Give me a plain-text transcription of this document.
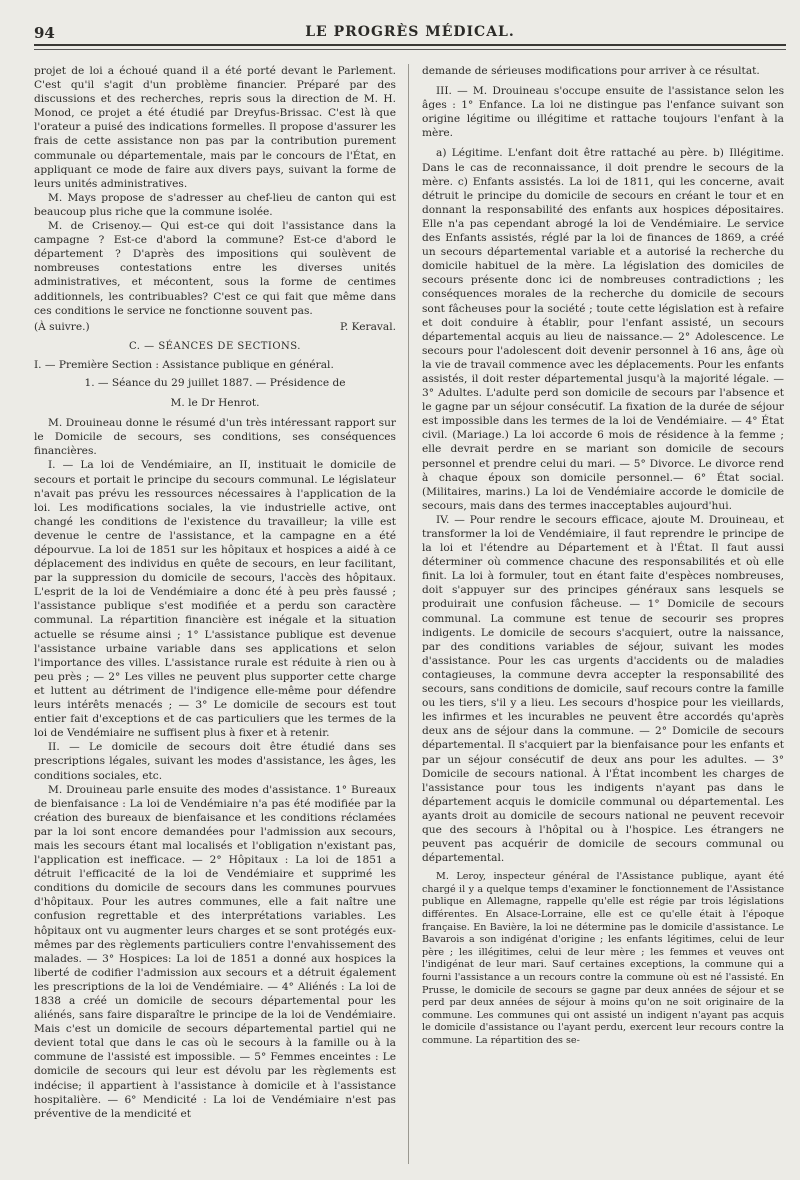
94	LE PROGRÈS MÉDICAL.

projet de loi a échoué quand il a été porté devant le Parlement. C'est qu'il s'agit d'un problème financier. Préparé par des discussions et des recherches, repris sous la direction de M. H. Monod, ce projet a été étudié par Dreyfus-Brissac. C'est là que l'orateur a puisé des indications formelles. Il propose d'assurer les frais de cette assistance non pas par la contribution purement communale ou départementale, mais par le concours de l'État, en appliquant ce mode de faire aux divers pays, suivant la forme de leurs unités administratives.

M. Mays propose de s'adresser au chef-lieu de canton qui est beaucoup plus riche que la commune isolée.

M. de Crisenoy.— Qui est-ce qui doit l'assistance dans la campagne ? Est-ce d'abord la commune? Est-ce d'abord le département ? D'après des impositions qui soulèvent de nombreuses contestations entre les diverses unités administratives, et mécontent, sous la forme de centimes additionnels, les contribuables? C'est ce qui fait que même dans ces conditions le service ne fonctionne souvent pas.

(À suivre.)	P. Keraval.

C. — SÉANCES DE SECTIONS.

I. — Première Section : Assistance publique en général.

1. — Séance du 29 juillet 1887. — Présidence de

M. le Dr Henrot.

M. Drouineau donne le résumé d'un très intéressant rapport sur le Domicile de secours, ses conditions, ses conséquences financières.

I. — La loi de Vendémiaire, an II, instituait le domicile de secours et portait le principe du secours communal. Le législateur n'avait pas prévu les ressources nécessaires à l'application de la loi. Les modifications sociales, la vie industrielle active, ont changé les conditions de l'existence du travailleur; la ville est devenue le centre de l'assistance, et la campagne en a été dépourvue. La loi de 1851 sur les hôpitaux et hospices a aidé à ce déplacement des individus en quête de secours, en leur facilitant, par la suppression du domicile de secours, l'accès des hôpitaux. L'esprit de la loi de Vendémiaire a donc été à peu près faussé ; l'assistance publique s'est modifiée et a perdu son caractère communal. La répartition financière est inégale et la situation actuelle se résume ainsi ; 1° L'assistance publique est devenue l'assistance urbaine variable dans ses applications et selon l'importance des villes. L'assistance rurale est réduite à rien ou à peu près ; — 2° Les villes ne peuvent plus supporter cette charge et luttent au détriment de l'indigence elle-même pour défendre leurs intérêts menacés ; — 3° Le domicile de secours est tout entier fait d'exceptions et de cas particuliers que les termes de la loi de Vendémiaire ne suffisent plus à fixer et à retenir.

II. — Le domicile de secours doit être étudié dans ses prescriptions légales, suivant les modes d'assistance, les âges, les conditions sociales, etc.

M. Drouineau parle ensuite des modes d'assistance. 1° Bureaux de bienfaisance : La loi de Vendémiaire n'a pas été modifiée par la création des bureaux de bienfaisance et les conditions réclamées par la loi sont encore demandées pour l'admission aux secours, mais les secours étant mal localisés et l'obligation n'existant pas, l'application est inefficace. — 2° Hôpitaux : La loi de 1851 a détruit l'efficacité de la loi de Vendémiaire et supprimé les conditions du domicile de secours dans les communes pourvues d'hôpitaux. Pour les autres communes, elle a fait naître une confusion regrettable et des interprétations variables. Les hôpitaux ont vu augmenter leurs charges et se sont protégés eux-mêmes par des règlements particuliers contre l'envahissement des malades. — 3° Hospices: La loi de 1851 a donné aux hospices la liberté de codifier l'admission aux secours et a détruit également les prescriptions de la loi de Vendémiaire. — 4° Aliénés : La loi de 1838 a créé un domicile de secours départemental pour les aliénés, sans faire disparaître le principe de la loi de Vendémiaire. Mais c'est un domicile de secours départemental partiel qui ne devient total que dans le cas où le secours à la famille ou à la commune de l'assisté est impossible. — 5° Femmes enceintes : Le domicile de secours qui leur est dévolu par les règlements est indécise; il appartient à l'assistance à domicile et à l'assistance hospitalière. — 6° Mendicité : La loi de Vendémiaire n'est pas préventive de la mendicité et

demande de sérieuses modifications pour arriver à ce résultat.

III. — M. Drouineau s'occupe ensuite de l'assistance selon les âges : 1° Enfance. La loi ne distingue pas l'enfance suivant son origine légitime ou illégitime et rattache toujours l'enfant à la mère.

a) Légitime. L'enfant doit être rattaché au père. b) Illégitime. Dans le cas de reconnaissance, il doit prendre le secours de la mère. c) Enfants assistés. La loi de 1811, qui les concerne, avait détruit le principe du domicile de secours en créant le tour et en donnant la responsabilité des enfants aux hospices dépositaires. Elle n'a pas cependant abrogé la loi de Vendémiaire. Le service des Enfants assistés, réglé par la loi de finances de 1869, a créé un secours départemental variable et a autorisé la recherche du domicile habituel de la mère. La législation des domiciles de secours présente donc ici de nombreuses contradictions ; les conséquences morales de la recherche du domicile de secours sont fâcheuses pour la société ; toute cette législation est à refaire et doit conduire à établir, pour l'enfant assisté, un secours départemental acquis au lieu de naissance.— 2° Adolescence. Le secours pour l'adolescent doit devenir personnel à 16 ans, âge où la vie de travail commence avec les déplacements. Pour les enfants assistés, il doit rester départemental jusqu'à la majorité légale. — 3° Adultes. L'adulte perd son domicile de secours par l'absence et le gagne par un séjour consécutif. La fixation de la durée de séjour est impossible dans les termes de la loi de Vendémiaire. — 4° État civil. (Mariage.) La loi accorde 6 mois de résidence à la femme ; elle devrait perdre en se mariant son domicile de secours personnel et prendre celui du mari. — 5° Divorce. Le divorce rend à chaque époux son domicile personnel.— 6° État social. (Militaires, marins.) La loi de Vendémiaire accorde le domicile de secours, mais dans des termes inacceptables aujourd'hui.

IV. — Pour rendre le secours efficace, ajoute M. Drouineau, et transformer la loi de Vendémiaire, il faut reprendre le principe de la loi et l'étendre au Département et à l'État. Il faut aussi déterminer où commence chacune des responsabilités et où elle finit. La loi à formuler, tout en étant faite d'espèces nombreuses, doit s'appuyer sur des principes généraux sans lesquels se produirait une confusion fâcheuse. — 1° Domicile de secours communal. La commune est tenue de secourir ses propres indigents. Le domicile de secours s'acquiert, outre la naissance, par des conditions variables de séjour, suivant les modes d'assistance. Pour les cas urgents d'accidents ou de maladies contagieuses, la commune devra accepter la responsabilité des secours, sans conditions de domicile, sauf recours contre la famille ou les tiers, s'il y a lieu. Les secours d'hospice pour les vieillards, les infirmes et les incurables ne peuvent être accordés qu'après deux ans de séjour dans la commune. — 2° Domicile de secours départemental. Il s'acquiert par la bienfaisance pour les enfants et par un séjour consécutif de deux ans pour les adultes. — 3° Domicile de secours national. À l'État incombent les charges de l'assistance pour tous les indigents n'ayant pas dans le département acquis le domicile communal ou départemental. Les ayants droit au domicile de secours national ne peuvent recevoir que des secours à l'hôpital ou à l'hospice. Les étrangers ne peuvent pas acquérir de domicile de secours communal ou départemental.

M. Leroy, inspecteur général de l'Assistance publique, ayant été chargé il y a quelque temps d'examiner le fonctionnement de l'Assistance publique en Allemagne, rappelle qu'elle est régie par trois législations différentes. En Alsace-Lorraine, elle est ce qu'elle était à l'époque française. En Bavière, la loi ne détermine pas le domicile d'assistance. Le Bavarois a son indigénat d'origine ; les enfants légitimes, celui de leur père ; les illégitimes, celui de leur mère ; les femmes et veuves ont l'indigénat de leur mari. Sauf certaines exceptions, la commune qui a fourni l'assistance a un recours contre la commune où est né l'assisté. En Prusse, le domicile de secours se gagne par deux années de séjour et se perd par deux années de séjour à moins qu'on ne soit originaire de la commune. Les communes qui ont assisté un indigent n'ayant pas acquis le domicile d'assistance ou l'ayant perdu, exercent leur recours contre la commune. La répartition des se-
